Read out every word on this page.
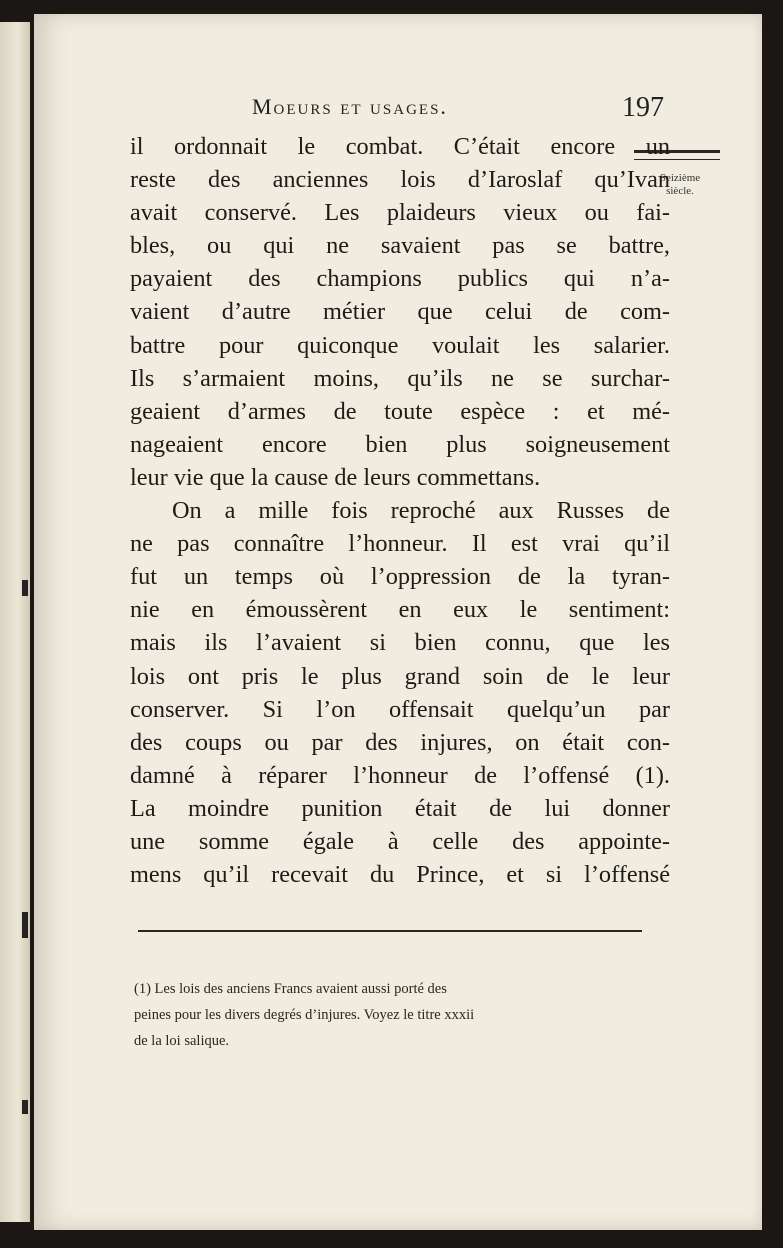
Moeurs et usages.	197
Seizième
siècle.
il ordonnait le combat. C’était encore un
reste des anciennes lois d’Iaroslaf qu’Ivan
avait conservé. Les plaideurs vieux ou fai-
bles, ou qui ne savaient pas se battre,
payaient des champions publics qui n’a-
vaient d’autre métier que celui de com-
battre pour quiconque voulait les salarier.
Ils s’armaient moins, qu’ils ne se surchar-
geaient d’armes de toute espèce : et mé-
nageaient encore bien plus soigneusement
leur vie que la cause de leurs commettans.
On a mille fois reproché aux Russes de
ne pas connaître l’honneur. Il est vrai qu’il
fut un temps où l’oppression de la tyran-
nie en émoussèrent en eux le sentiment:
mais ils l’avaient si bien connu, que les
lois ont pris le plus grand soin de le leur
conserver. Si l’on offensait quelqu’un par
des coups ou par des injures, on était con-
damné à réparer l’honneur de l’offensé (1).
La moindre punition était de lui donner
une somme égale à celle des appointe-
mens qu’il recevait du Prince, et si l’offensé
(1) Les lois des anciens Francs avaient aussi porté des
peines pour les divers degrés d’injures. Voyez le titre xxxii
de la loi salique.
